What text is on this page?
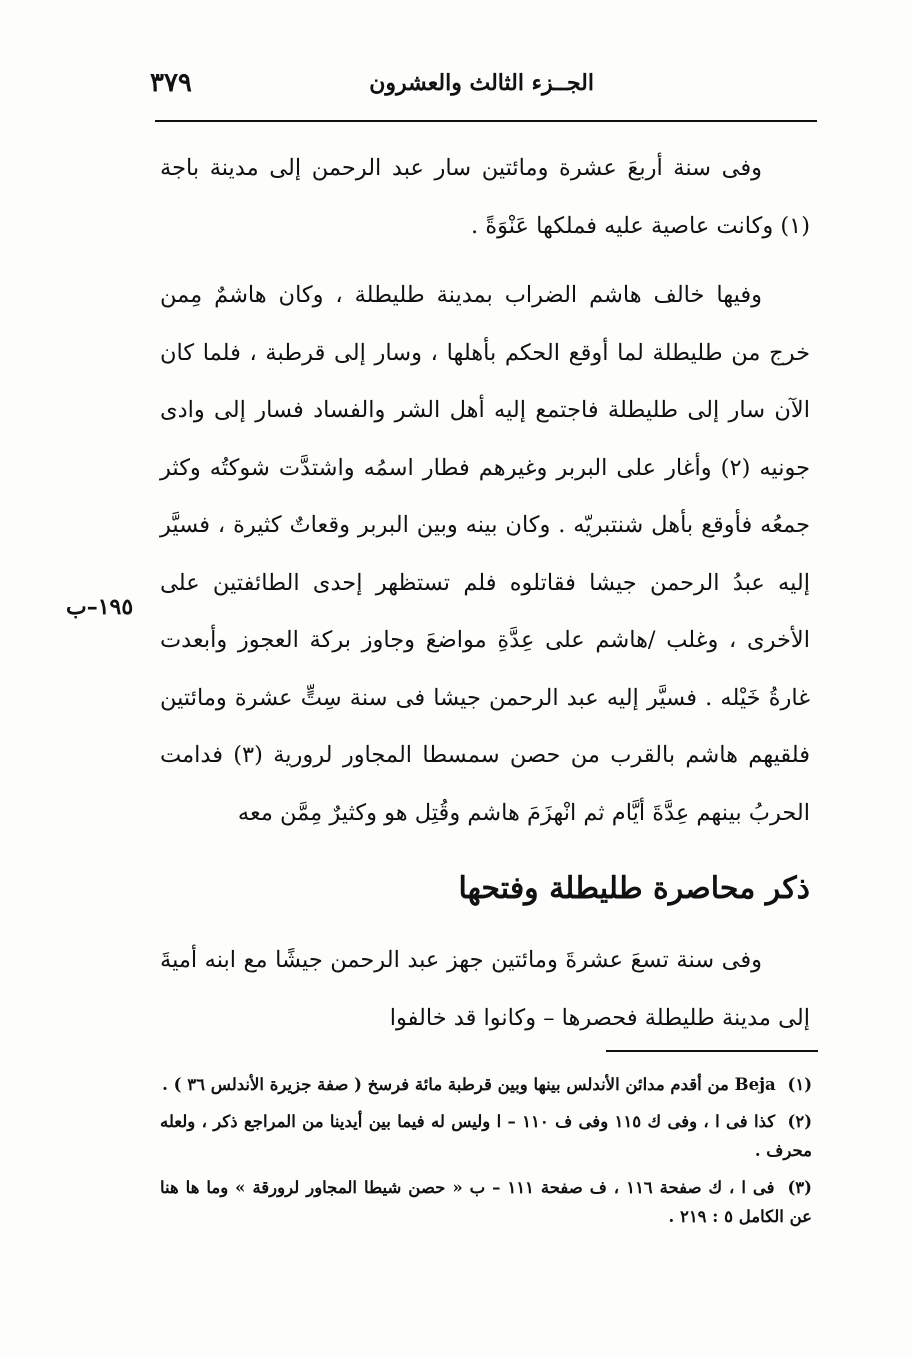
٣٧٩	الجــزء الثالث والعشرون
١٩٥–ب

وفى سنة أربعَ عشرة ومائتين سار عبد الرحمن إلى مدينة باجة (١) وكانت عاصية عليه فملكها عَنْوَةً .

وفيها خالف هاشم الضراب بمدينة طليطلة ، وكان هاشمٌ مِمن خرج من طليطلة لما أوقع الحكم بأهلها ، وسار إلى قرطبة ، فلما كان الآن سار إلى طليطلة فاجتمع إليه أهل الشر والفساد فسار إلى وادى جونيه (٢) وأغار على البربر وغيرهم فطار اسمُه واشتدَّت شوكتُه وكثر جمعُه فأوقع بأهل شنتبريّه . وكان بينه وبين البربر وقعاتٌ كثيرة ، فسيَّر إليه عبدُ الرحمن جيشا فقاتلوه فلم تستظهر إحدى الطائفتين على الأخرى ، وغلب /هاشم على عِدَّةِ مواضعَ وجاوز بركة العجوز وأبعدت غارةُ خَيْله . فسيَّر إليه عبد الرحمن جيشا فى سنة سِتٍّ عشرة ومائتين فلقيهم هاشم بالقرب من حصن سمسطا المجاور لرورية (٣) فدامت الحربُ بينهم عِدَّةَ أيَّام ثم انْهزَمَ هاشم وقُتِل هو وكثيرٌ مِمَّن معه

ذكر محاصرة طليطلة وفتحها

وفى سنة تسعَ عشرةَ ومائتين جهز عبد الرحمن جيشًا مع ابنه أميةَ إلى مدينة طليطلة فحصرها – وكانوا قد خالفوا

(١) Beja من أقدم مدائن الأندلس بينها وبين قرطبة مائة فرسخ ( صفة جزيرة الأندلس ٣٦ ) .

(٢) كذا فى ا ، وفى ك ١١٥ وفى ف ١١٠ – ا وليس له فيما بين أيدينا من المراجع ذكر ، ولعله محرف .

(٣) فى ا ، ك صفحة ١١٦ ، ف صفحة ١١١ – ب « حصن شيطا المجاور لرورقة » وما ها هنا عن الكامل ٥ : ٢١٩ .
